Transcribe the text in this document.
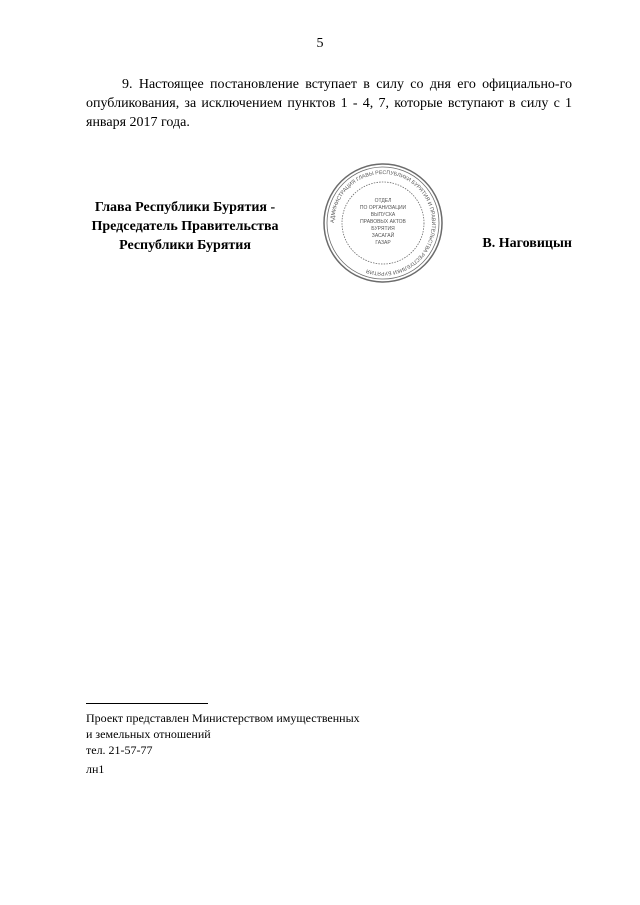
5
9. Настоящее постановление вступает в силу со дня его официально-го опубликования, за исключением пунктов 1 - 4, 7, которые вступают в силу с 1 января 2017 года.
Глава Республики Бурятия -
Председатель Правительства
Республики Бурятия
АДМИНИСТРАЦИЯ ГЛАВЫ РЕСПУБЛИКИ БУРЯТИЯ И ПРАВИТЕЛЬСТВА РЕСПУБЛИКИ БУРЯТИЯ
ОТДЕЛ
ПО ОРГАНИЗАЦИИ
ВЫПУСКА
ПРАВОВЫХ АКТОВ
БУРЯТИЯ
ЗАСАГАЙ
ГАЗАР	В. Наговицын
Проект представлен Министерством имущественных
и земельных отношений
тел. 21-57-77
лн1
